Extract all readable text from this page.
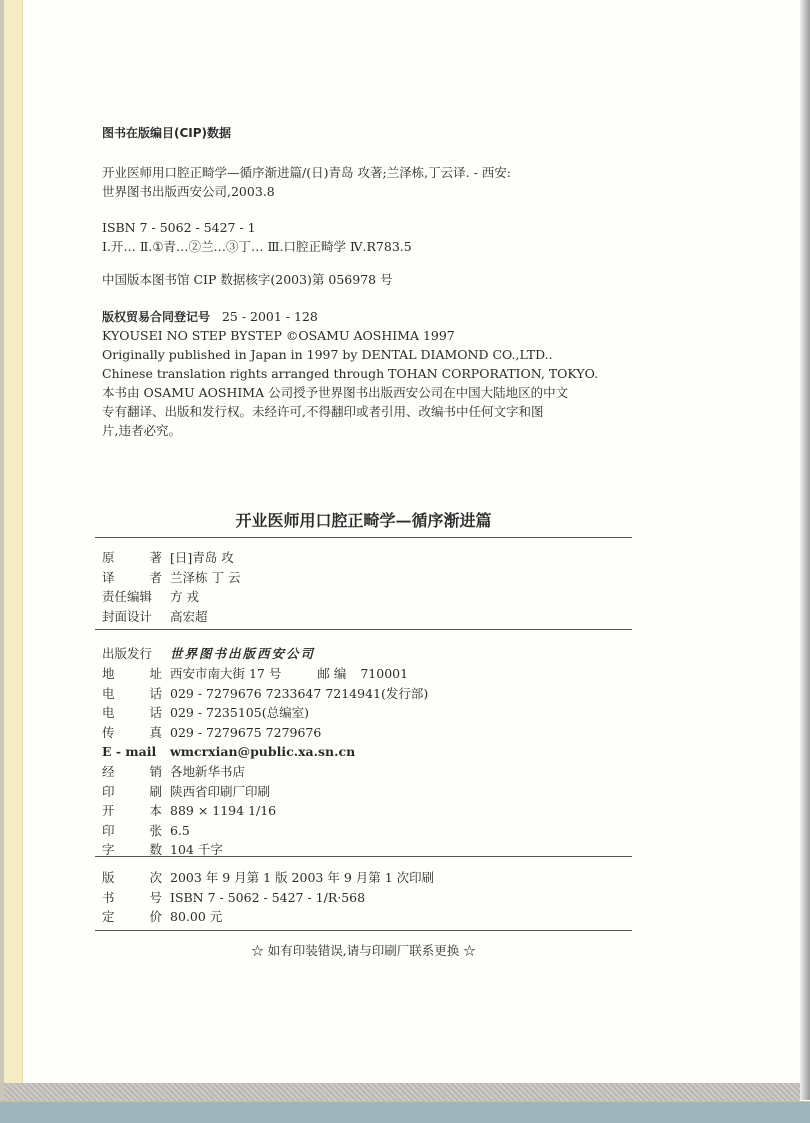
图书在版编目(CIP)数据
开业医师用口腔正畸学—循序渐进篇/(日)青岛 攻著;兰泽栋,丁云译. - 西安:
世界图书出版西安公司,2003.8
ISBN 7 - 5062 - 5427 - 1
Ⅰ.开… Ⅱ.①青…②兰…③丁… Ⅲ.口腔正畸学 Ⅳ.R783.5
中国版本图书馆 CIP 数据核字(2003)第 056978 号
版权贸易合同登记号 25 - 2001 - 128
KYOUSEI NO STEP BYSTEP ©OSAMU AOSHIMA 1997
Originally published in Japan in 1997 by DENTAL DIAMOND CO.,LTD..
Chinese translation rights arranged through TOHAN CORPORATION, TOKYO.
本书由 OSAMU AOSHIMA 公司授予世界图书出版西安公司在中国大陆地区的中文
专有翻译、出版和发行权。未经许可,不得翻印或者引用、改编书中任何文字和图
片,违者必究。
开业医师用口腔正畸学—循序渐进篇
原	著 [日]青岛 攻
译	者 兰泽栋 丁 云
责任编辑 方 戎
封面设计 高宏超
出版发行	世界图书出版西安公司
地	址 西安市南大街 17 号	邮 编 710001
电	话 029 - 7279676 7233647 7214941(发行部)
电	话 029 - 7235105(总编室)
传	真 029 - 7279675 7279676
E - mail wmcrxian@public.xa.sn.cn
经	销 各地新华书店
印	刷 陕西省印刷厂印刷
开	本 889 × 1194 1/16
印	张 6.5
字	数 104 千字
版	次 2003 年 9 月第 1 版 2003 年 9 月第 1 次印刷
书	号 ISBN 7 - 5062 - 5427 - 1/R·568
定	价 80.00 元
☆ 如有印装错误,请与印刷厂联系更换 ☆
